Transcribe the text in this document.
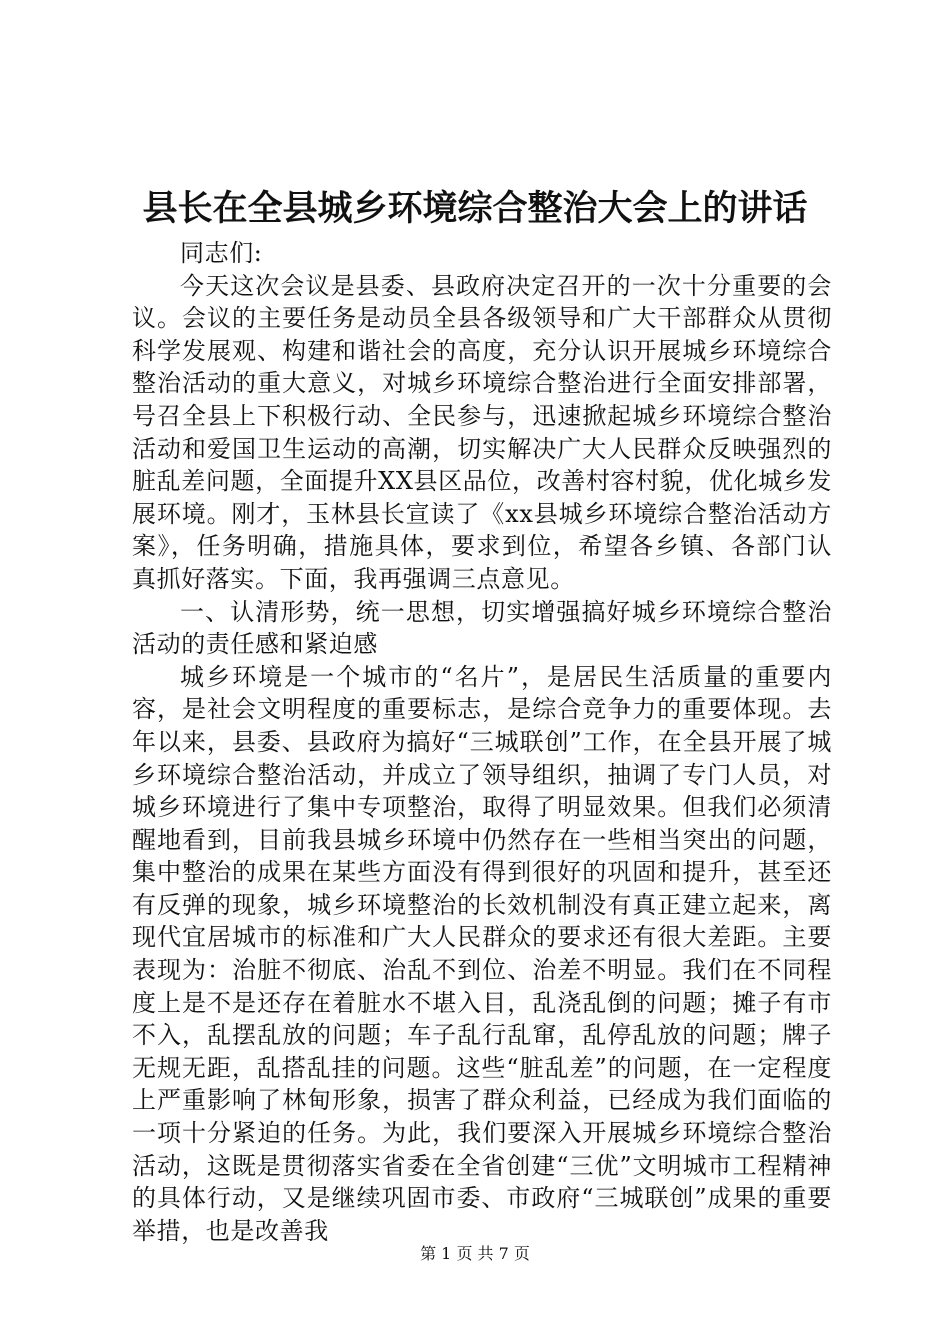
县长在全县城乡环境综合整治大会上的讲话

同志们:

今天这次会议是县委、县政府决定召开的一次十分重要的会议。会议的主要任务是动员全县各级领导和广大干部群众从贯彻科学发展观、构建和谐社会的高度，充分认识开展城乡环境综合整治活动的重大意义，对城乡环境综合整治进行全面安排部署，号召全县上下积极行动、全民参与，迅速掀起城乡环境综合整治活动和爱国卫生运动的高潮，切实解决广大人民群众反映强烈的脏乱差问题，全面提升XX县区品位，改善村容村貌，优化城乡发展环境。刚才，玉林县长宣读了《xx县城乡环境综合整治活动方案》，任务明确，措施具体，要求到位，希望各乡镇、各部门认真抓好落实。下面，我再强调三点意见。

一、认清形势，统一思想，切实增强搞好城乡环境综合整治活动的责任感和紧迫感

城乡环境是一个城市的“名片”，是居民生活质量的重要内容，是社会文明程度的重要标志，是综合竞争力的重要体现。去年以来，县委、县政府为搞好“三城联创”工作，在全县开展了城乡环境综合整治活动，并成立了领导组织，抽调了专门人员，对城乡环境进行了集中专项整治，取得了明显效果。但我们必须清醒地看到，目前我县城乡环境中仍然存在一些相当突出的问题，集中整治的成果在某些方面没有得到很好的巩固和提升，甚至还有反弹的现象，城乡环境整治的长效机制没有真正建立起来，离现代宜居城市的标准和广大人民群众的要求还有很大差距。主要表现为：治脏不彻底、治乱不到位、治差不明显。我们在不同程度上是不是还存在着脏水不堪入目，乱浇乱倒的问题；摊子有市不入，乱摆乱放的问题；车子乱行乱窜，乱停乱放的问题；牌子无规无距，乱搭乱挂的问题。这些“脏乱差”的问题，在一定程度上严重影响了林甸形象，损害了群众利益，已经成为我们面临的一项十分紧迫的任务。为此，我们要深入开展城乡环境综合整治活动，这既是贯彻落实省委在全省创建“三优”文明城市工程精神的具体行动，又是继续巩固市委、市政府“三城联创”成果的重要举措，也是改善我

第 1 页 共 7 页
